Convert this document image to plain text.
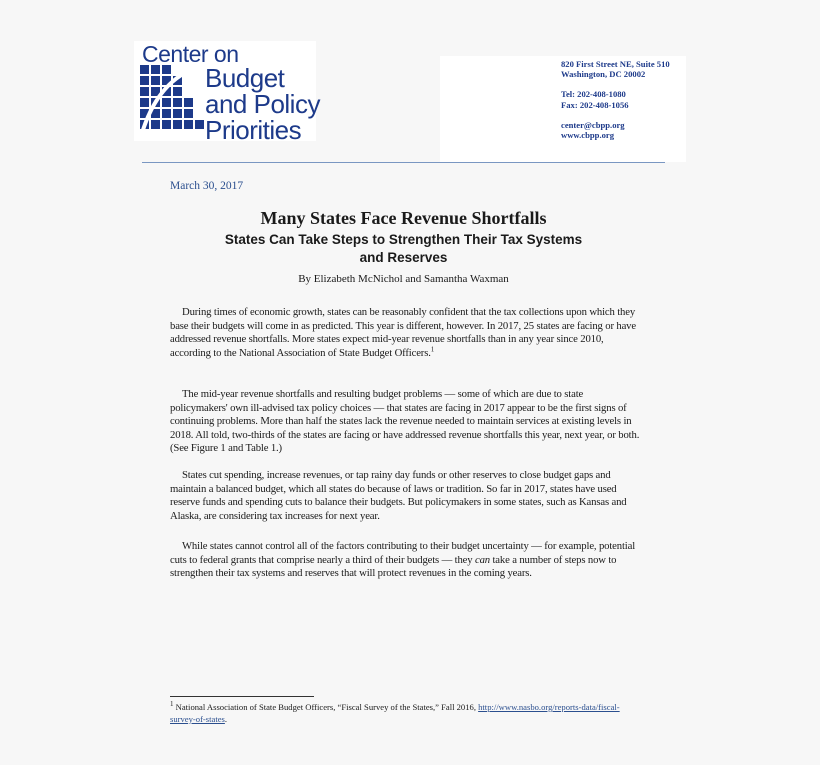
Center on
Budget
and Policy
Priorities
820 First Street NE, Suite 510
Washington, DC 20002
Tel: 202-408-1080
Fax: 202-408-1056
center@cbpp.org
www.cbpp.org
March 30, 2017
Many States Face Revenue Shortfalls
States Can Take Steps to Strengthen Their Tax Systems
and Reserves
By Elizabeth McNichol and Samantha Waxman
During times of economic growth, states can be reasonably confident that the tax collections upon which they base their budgets will come in as predicted. This year is different, however. In 2017, 25 states are facing or have addressed revenue shortfalls. More states expect mid-year revenue shortfalls than in any year since 2010, according to the National Association of State Budget Officers.$^1$
The mid-year revenue shortfalls and resulting budget problems — some of which are due to state policymakers' own ill-advised tax policy choices — that states are facing in 2017 appear to be the first signs of continuing problems. More than half the states lack the revenue needed to maintain services at existing levels in 2018. All told, two-thirds of the states are facing or have addressed revenue shortfalls this year, next year, or both. (See Figure 1 and Table 1.)
States cut spending, increase revenues, or tap rainy day funds or other reserves to close budget gaps and maintain a balanced budget, which all states do because of laws or tradition. So far in 2017, states have used reserve funds and spending cuts to balance their budgets. But policymakers in some states, such as Kansas and Alaska, are considering tax increases for next year.
While states cannot control all of the factors contributing to their budget uncertainty — for example, potential cuts to federal grants that comprise nearly a third of their budgets — they can take a number of steps now to strengthen their tax systems and reserves that will protect revenues in the coming years.
$^1$ National Association of State Budget Officers, “Fiscal Survey of the States,” Fall 2016, http://www.nasbo.org/reports-data/fiscal-survey-of-states.
